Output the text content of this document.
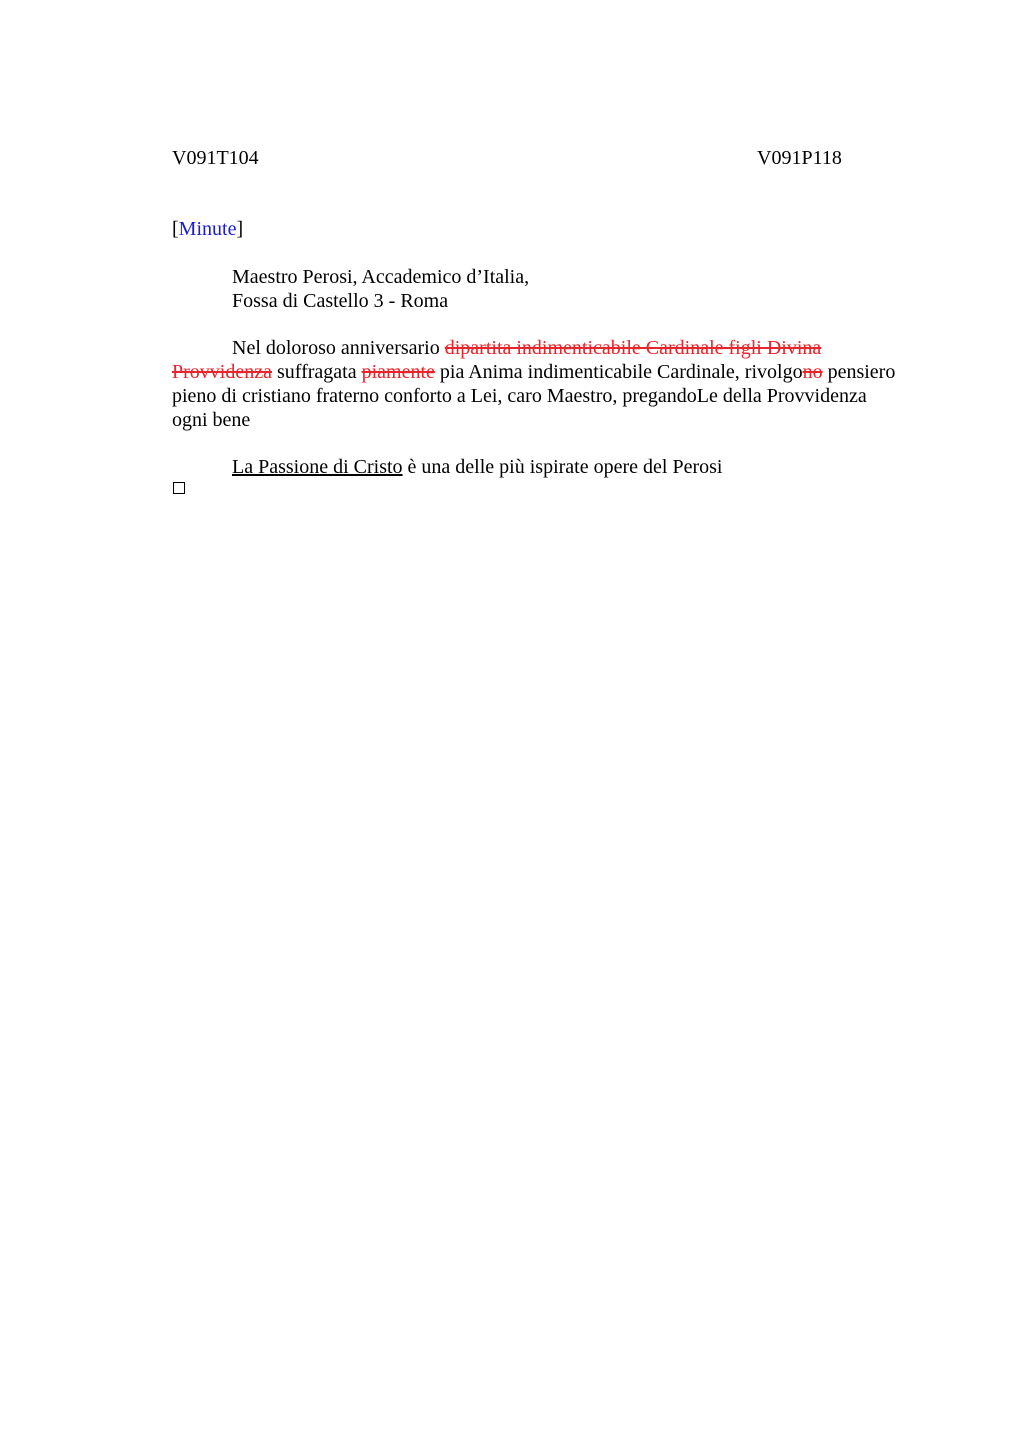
V091T104	V091P118
[Minute]
Maestro Perosi, Accademico d’Italia,
Fossa di Castello 3 - Roma
Nel doloroso anniversario dipartita indimenticabile Cardinale figli Divina
Provvidenza suffragata piamente pia Anima indimenticabile Cardinale, rivolgono pensiero
pieno di cristiano fraterno conforto a Lei, caro Maestro, pregandoLe della Provvidenza
ogni bene
La Passione di Cristo è una delle più ispirate opere del Perosi
